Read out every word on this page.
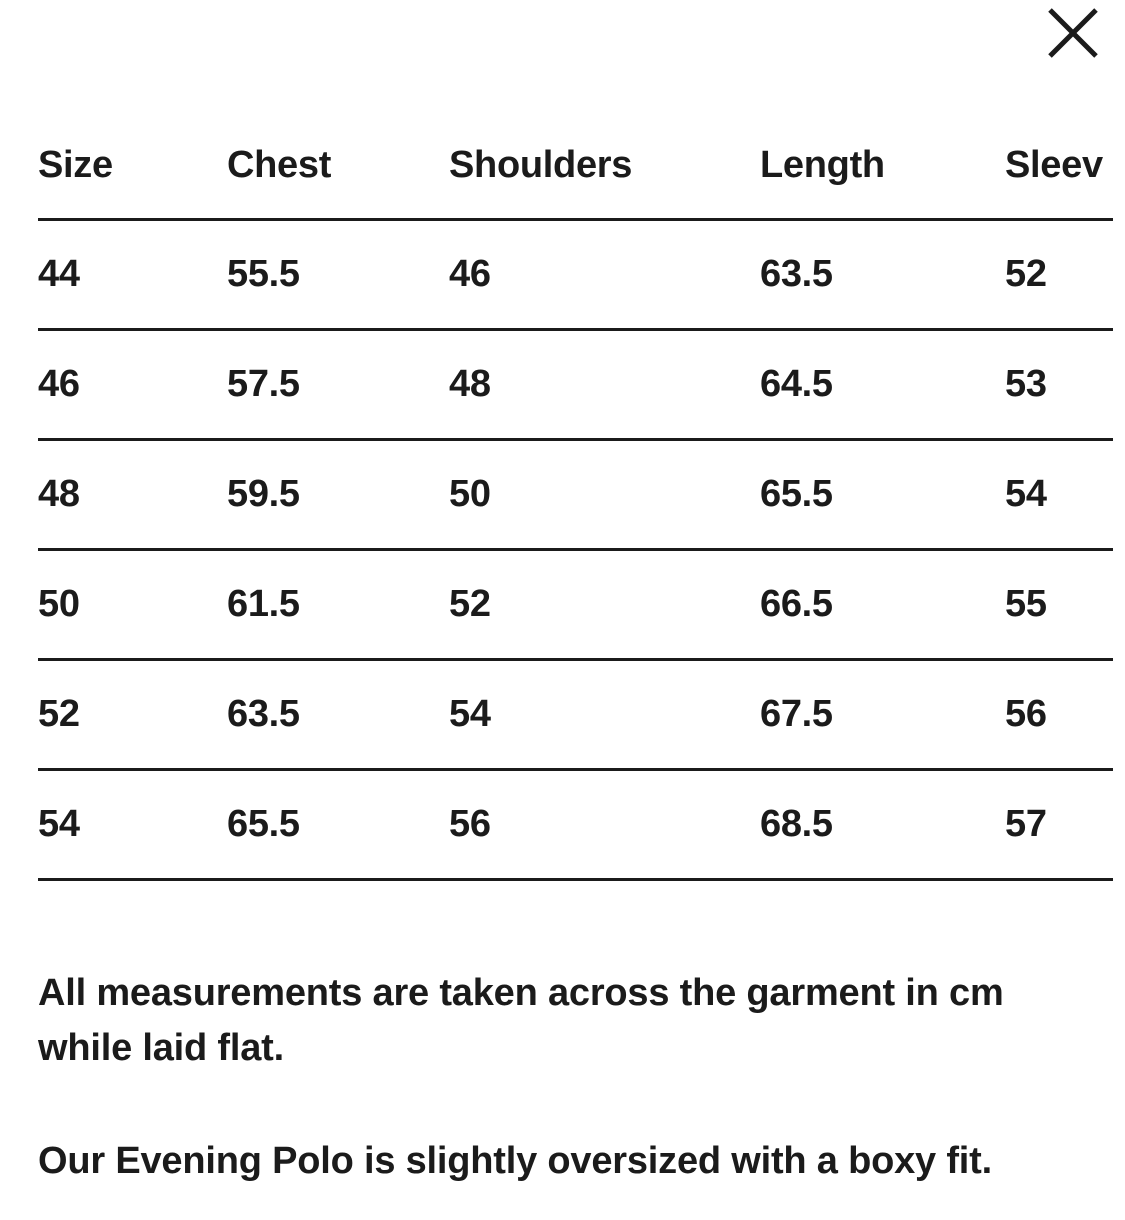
Size	Chest	Shoulders	Length	Sleev
44	55.5	46	63.5	52
46	57.5	48	64.5	53
48	59.5	50	65.5	54
50	61.5	52	66.5	55
52	63.5	54	67.5	56
54	65.5	56	68.5	57

All measurements are taken across the garment in cm while laid flat.

Our Evening Polo is slightly oversized with a boxy fit.
